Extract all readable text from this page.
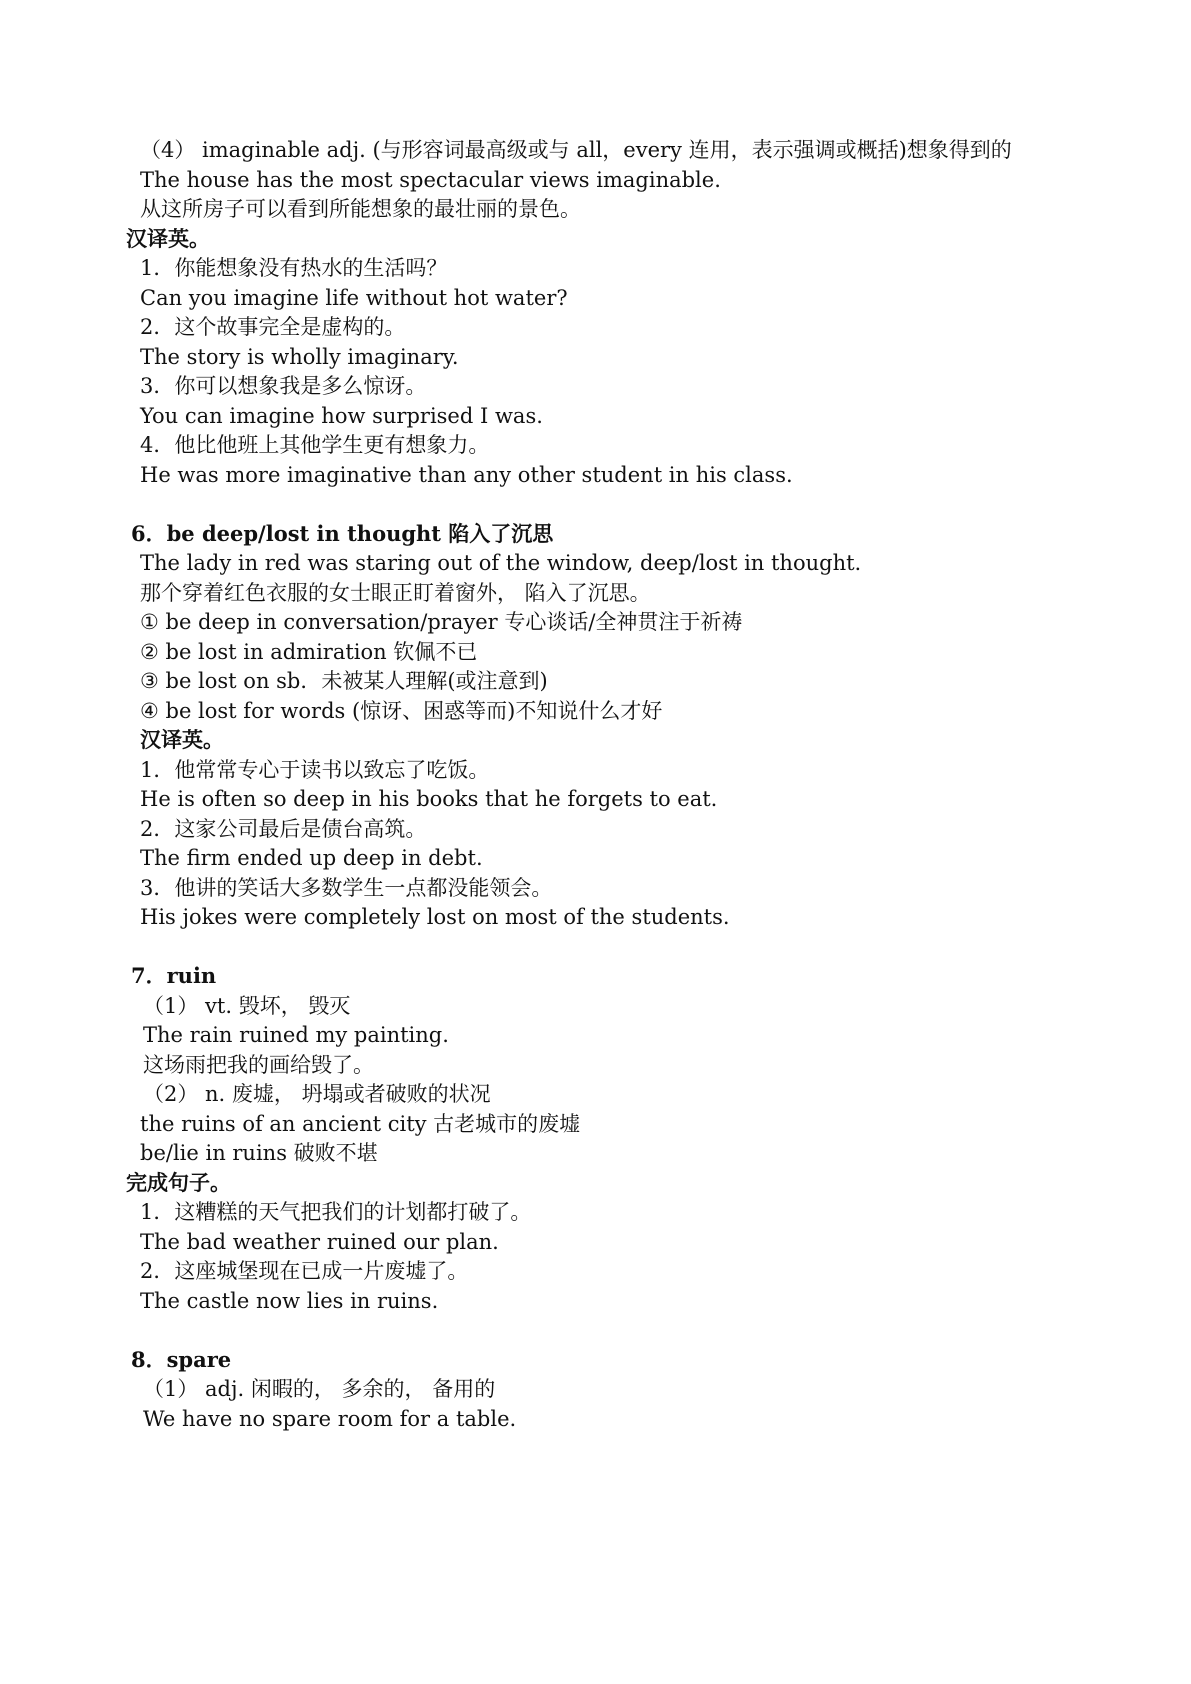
（4） imaginable adj. (与形容词最高级或与 all，every 连用，表示强调或概括)想象得到的
The house has the most spectacular views imaginable.
从这所房子可以看到所能想象的最壮丽的景色。
汉译英。
1．你能想象没有热水的生活吗？
Can you imagine life without hot water?
2．这个故事完全是虚构的。
The story is wholly imaginary.
3．你可以想象我是多么惊讶。
You can imagine how surprised I was.
4．他比他班上其他学生更有想象力。
He was more imaginative than any other student in his class.
6．be deep/lost in thought 陷入了沉思
The lady in red was staring out of the window, deep/lost in thought.
那个穿着红色衣服的女士眼正盯着窗外， 陷入了沉思。
① be deep in conversation/prayer 专心谈话/全神贯注于祈祷
② be lost in admiration 钦佩不已
③ be lost on sb．未被某人理解(或注意到)
④ be lost for words (惊讶、困惑等而)不知说什么才好
汉译英。
1．他常常专心于读书以致忘了吃饭。
He is often so deep in his books that he forgets to eat.
2．这家公司最后是债台高筑。
The firm ended up deep in debt.
3．他讲的笑话大多数学生一点都没能领会。
His jokes were completely lost on most of the students.
7．ruin
（1） vt. 毁坏， 毁灭
The rain ruined my painting.
这场雨把我的画给毁了。
（2） n. 废墟， 坍塌或者破败的状况
the ruins of an ancient city 古老城市的废墟
be/lie in ruins 破败不堪
完成句子。
1．这糟糕的天气把我们的计划都打破了。
The bad weather ruined our plan.
2．这座城堡现在已成一片废墟了。
The castle now lies in ruins.
8．spare
（1） adj. 闲暇的， 多余的， 备用的
We have no spare room for a table.
